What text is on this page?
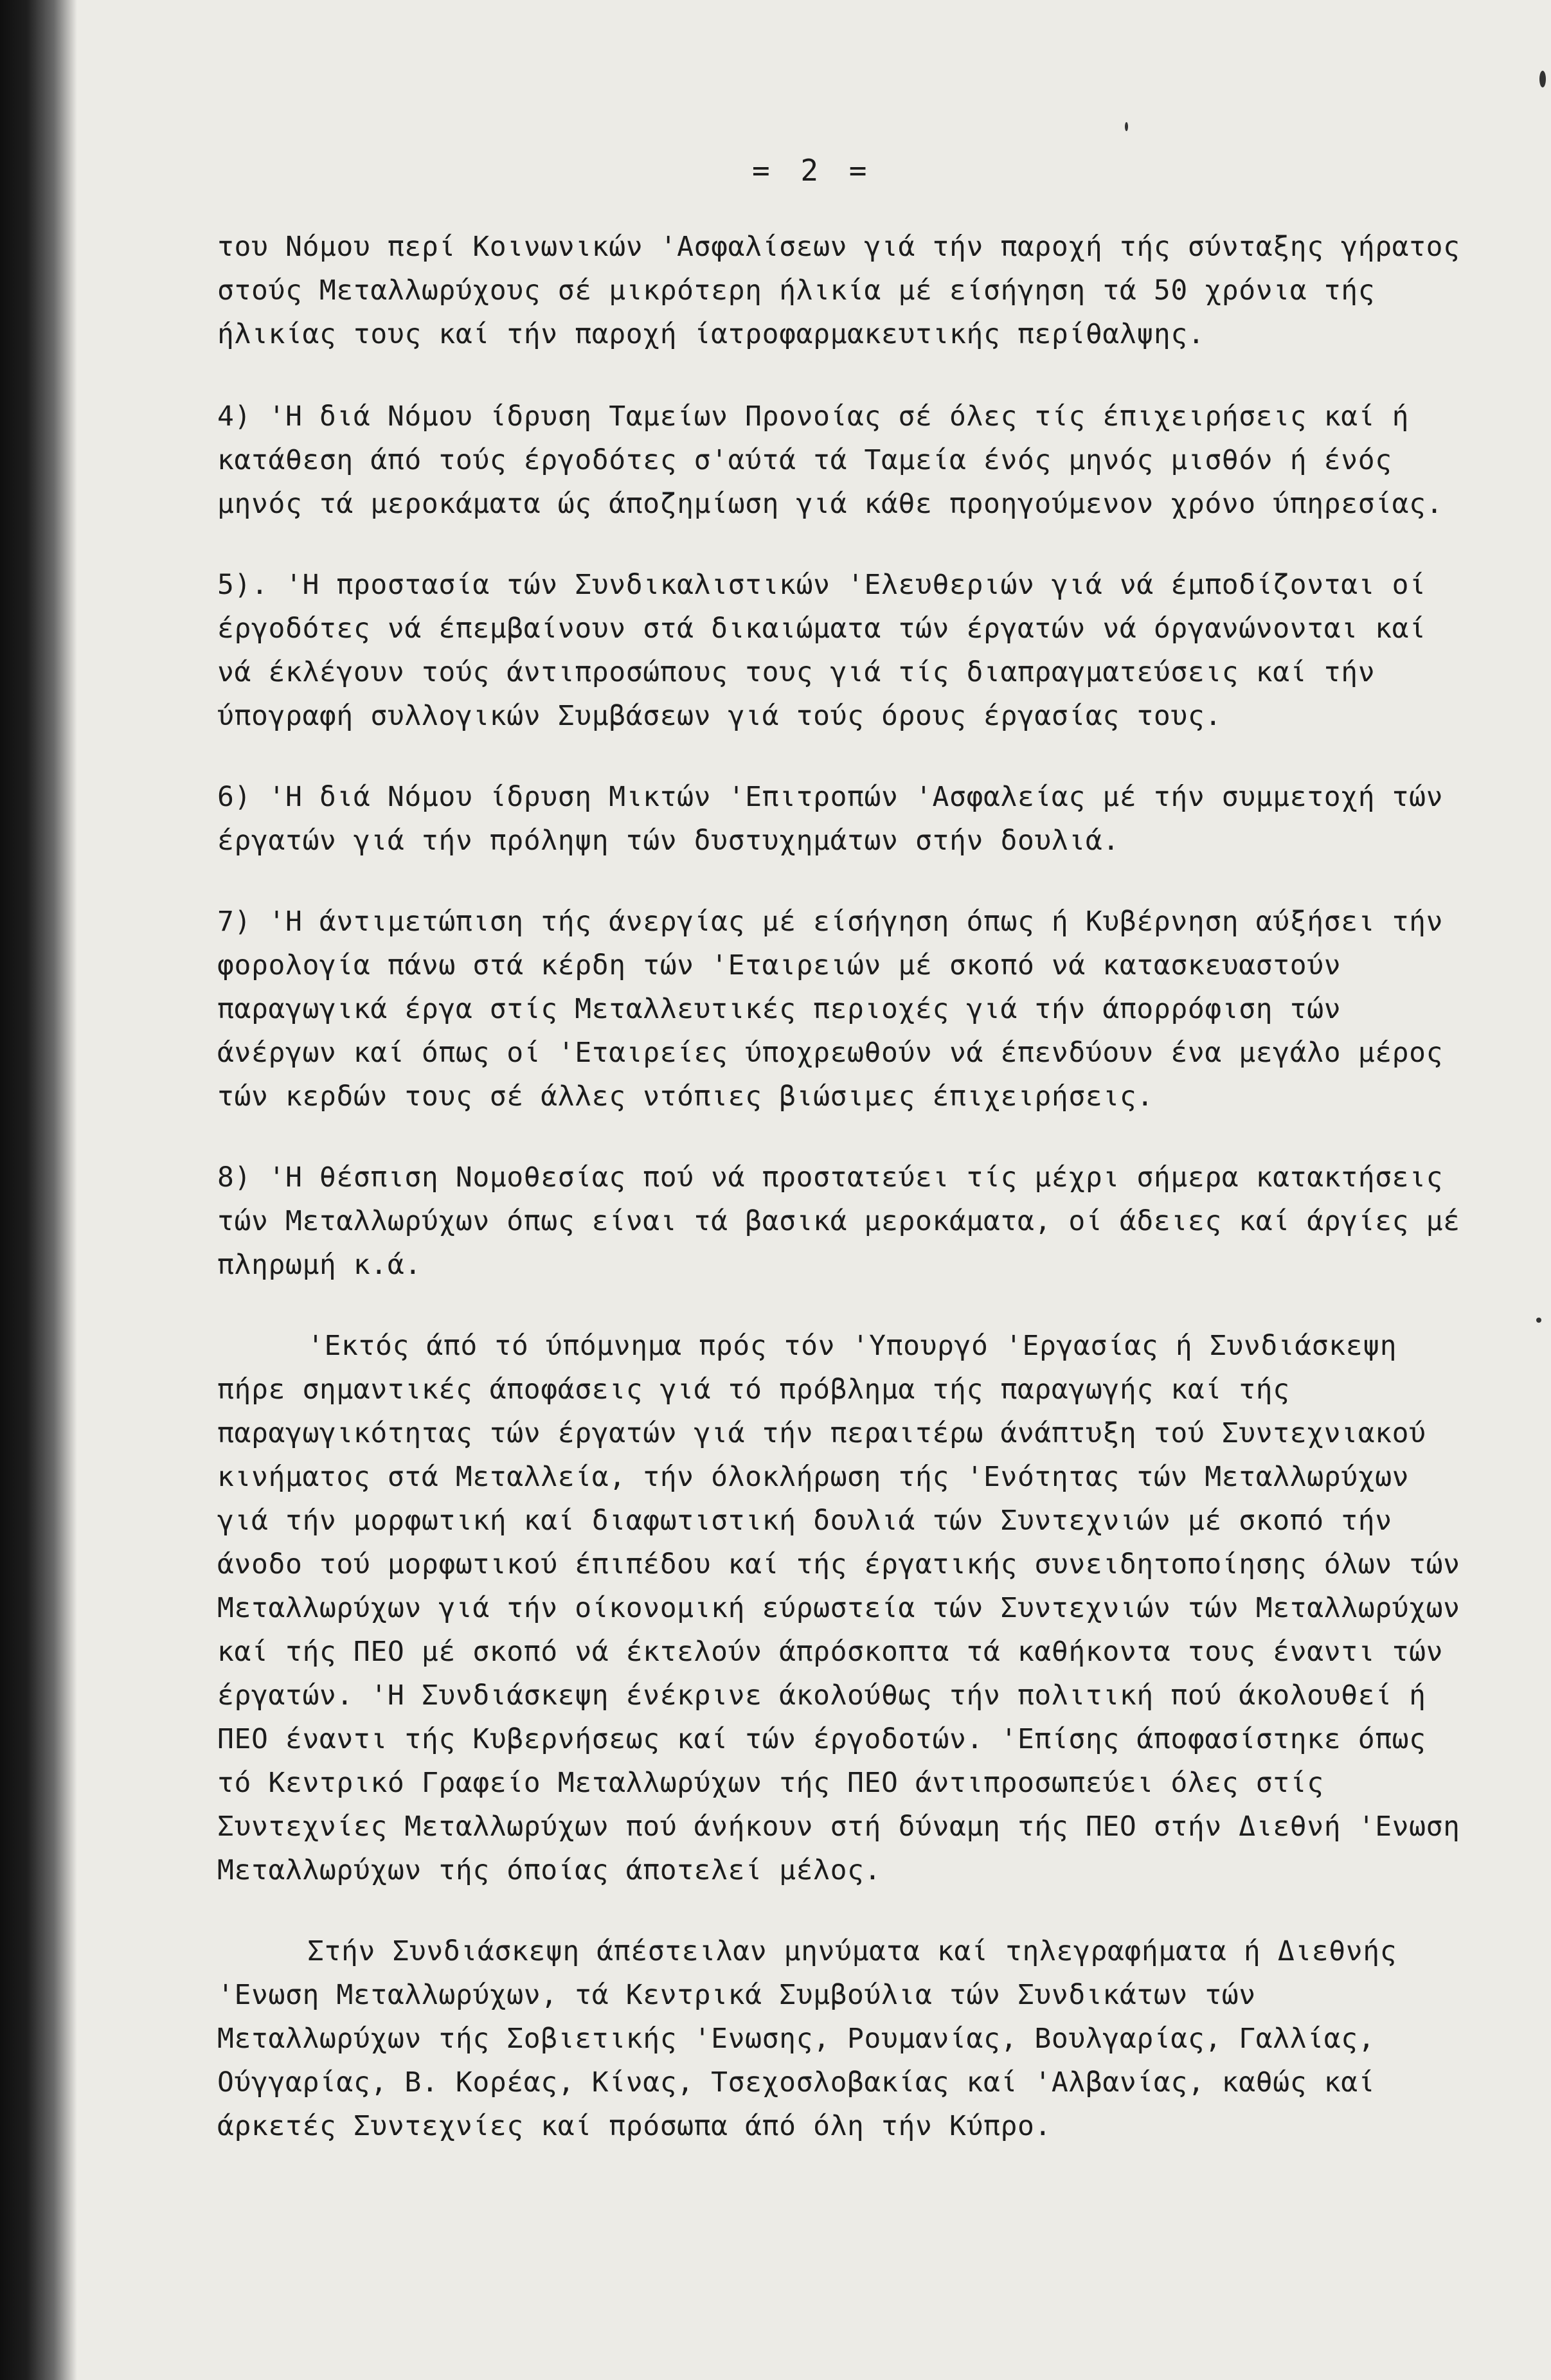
= 2 =

του Νόμου περί Κοινωνικών 'Ασφαλίσεων γιά τήν παροχή τής σύνταξης γήρατος στούς Μεταλλωρύχους σέ μικρότερη ήλικία μέ είσήγηση τά 50 χρόνια τής ήλικίας τους καί τήν παροχή ίατροφαρμακευτικής περίθαλψης.

4) 'Η διά Νόμου ίδρυση Ταμείων Προνοίας σέ όλες τίς έπιχειρήσεις καί ή κατάθεση άπό τούς έργοδότες σ'αύτά τά Ταμεία ένός μηνός μισθόν ή ένός μηνός τά μεροκάματα ώς άποζημίωση γιά κάθε προηγούμενον χρόνο ύπηρεσίας.

5). 'Η προστασία τών Συνδικαλιστικών 'Ελευθεριών γιά νά έμποδίζονται οί έργοδότες νά έπεμβαίνουν στά δικαιώματα τών έργατών νά όργανώνονται καί νά έκλέγουν τούς άντιπροσώπους τους γιά τίς διαπραγματεύσεις καί τήν ύπογραφή συλλογικών Συμβάσεων γιά τούς όρους έργασίας τους.

6) 'Η διά Νόμου ίδρυση Μικτών 'Επιτροπών 'Ασφαλείας μέ τήν συμμετοχή τών έργατών γιά τήν πρόληψη τών δυστυχημάτων στήν δουλιά.

7) 'Η άντιμετώπιση τής άνεργίας μέ είσήγηση όπως ή Κυβέρνηση αύξήσει τήν φορολογία πάνω στά κέρδη τών 'Εταιρειών μέ σκοπό νά κατασκευαστούν παραγωγικά έργα στίς Μεταλλευτικές περιοχές γιά τήν άπορρόφιση τών άνέργων καί όπως οί 'Εταιρείες ύποχρεωθούν νά έπενδύουν ένα μεγάλο μέρος τών κερδών τους σέ άλλες ντόπιες βιώσιμες έπιχειρήσεις.

8) 'Η θέσπιση Νομοθεσίας πού νά προστατεύει τίς μέχρι σήμερα κατακτήσεις τών Μεταλλωρύχων όπως είναι τά βασικά μεροκάματα, οί άδειες καί άργίες μέ πληρωμή κ.ά.

'Εκτός άπό τό ύπόμνημα πρός τόν 'Υπουργό 'Εργασίας ή Συνδιάσκεψη πήρε σημαντικές άποφάσεις γιά τό πρόβλημα τής παραγωγής καί τής παραγωγικότητας τών έργατών γιά τήν περαιτέρω άνάπτυξη τού Συντεχνιακού κινήματος στά Μεταλλεία, τήν όλοκλήρωση τής 'Ενότητας τών Μεταλλωρύχων γιά τήν μορφωτική καί διαφωτιστική δουλιά τών Συντεχνιών μέ σκοπό τήν άνοδο τού μορφωτικού έπιπέδου καί τής έργατικής συνειδητοποίησης όλων τών Μεταλλωρύχων γιά τήν οίκονομική εύρωστεία τών Συντεχνιών τών Μεταλλωρύχων καί τής ΠΕΟ μέ σκοπό νά έκτελούν άπρόσκοπτα τά καθήκοντα τους έναντι τών έργατών. 'Η Συνδιάσκεψη ένέκρινε άκολούθως τήν πολιτική πού άκολουθεί ή ΠΕΟ έναντι τής Κυβερνήσεως καί τών έργοδοτών. 'Επίσης άποφασίστηκε όπως τό Κεντρικό Γραφείο Μεταλλωρύχων τής ΠΕΟ άντιπροσωπεύει όλες στίς Συντεχνίες Μεταλλωρύχων πού άνήκουν στή δύναμη τής ΠΕΟ στήν Διεθνή 'Ενωση Μεταλλωρύχων τής όποίας άποτελεί μέλος.

Στήν Συνδιάσκεψη άπέστειλαν μηνύματα καί τηλεγραφήματα ή Διεθνής 'Ενωση Μεταλλωρύχων, τά Κεντρικά Συμβούλια τών Συνδικάτων τών Μεταλλωρύχων τής Σοβιετικής 'Ενωσης, Ρουμανίας, Βουλγαρίας, Γαλλίας, Ούγγαρίας, Β. Κορέας, Κίνας, Τσεχοσλοβακίας καί 'Αλβανίας, καθώς καί άρκετές Συντεχνίες καί πρόσωπα άπό όλη τήν Κύπρο.
